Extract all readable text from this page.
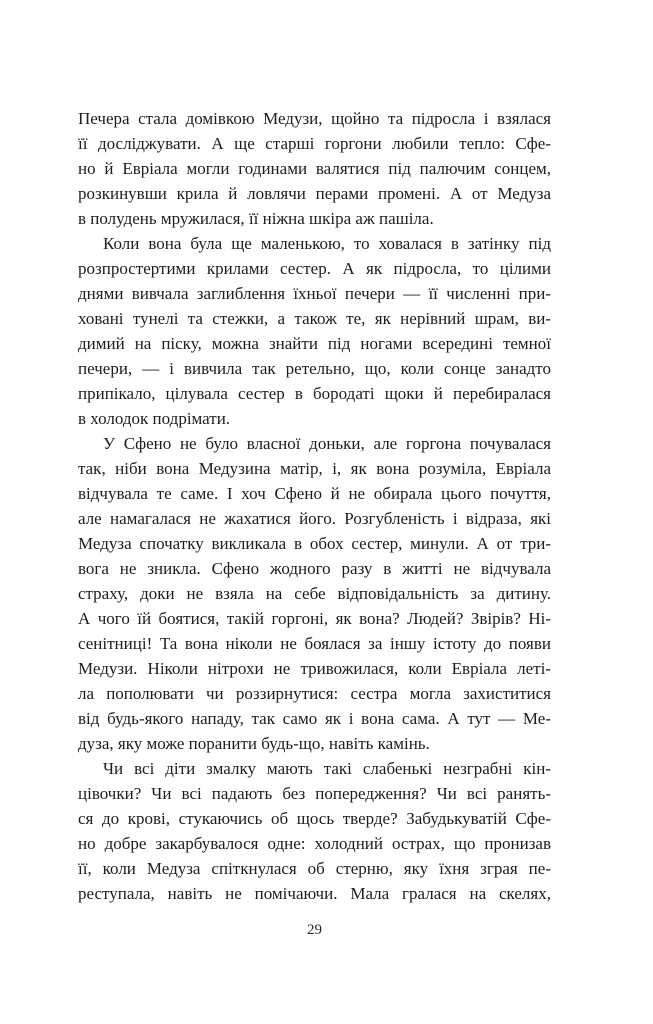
Печера стала домівкою Медузи, щойно та підросла і взялася
її досліджувати. А ще старші горгони любили тепло: Сфе-
но й Евріала могли годинами валятися під палючим сонцем,
розкинувши крила й ловлячи перами промені. А от Медуза
в полудень мружилася, її ніжна шкіра аж пашіла.
Коли вона була ще маленькою, то ховалася в затінку під
розпростертими крилами сестер. А як підросла, то цілими
днями вивчала заглиблення їхньої печери — її численні при-
ховані тунелі та стежки, а також те, як нерівний шрам, ви-
димий на піску, можна знайти під ногами всередині темної
печери, — і вивчила так ретельно, що, коли сонце занадто
припікало, цілувала сестер в бородаті щоки й перебиралася
в холодок подрімати.
У Сфено не було власної доньки, але горгона почувалася
так, ніби вона Медузина матір, і, як вона розуміла, Евріала
відчувала те саме. І хоч Сфено й не обирала цього почуття,
але намагалася не жахатися його. Розгубленість і відраза, які
Медуза спочатку викликала в обох сестер, минули. А от три-
вога не зникла. Сфено жодного разу в житті не відчувала
страху, доки не взяла на себе відповідальність за дитину.
А чого їй боятися, такій горгоні, як вона? Людей? Звірів? Ні-
сенітниці! Та вона ніколи не боялася за іншу істоту до появи
Медузи. Ніколи нітрохи не тривожилася, коли Евріала леті-
ла пополювати чи роззирнутися: сестра могла захиститися
від будь-якого нападу, так само як і вона сама. А тут — Ме-
дуза, яку може поранити будь-що, навіть камінь.
Чи всі діти змалку мають такі слабенькі незграбні кін-
цівочки? Чи всі падають без попередження? Чи всі ранять-
ся до крові, стукаючись об щось тверде? Забудькуватій Сфе-
но добре закарбувалося одне: холодний острах, що пронизав
її, коли Медуза спіткнулася об стерню, яку їхня зграя пе-
реступала, навіть не помічаючи. Мала гралася на скелях,
29
